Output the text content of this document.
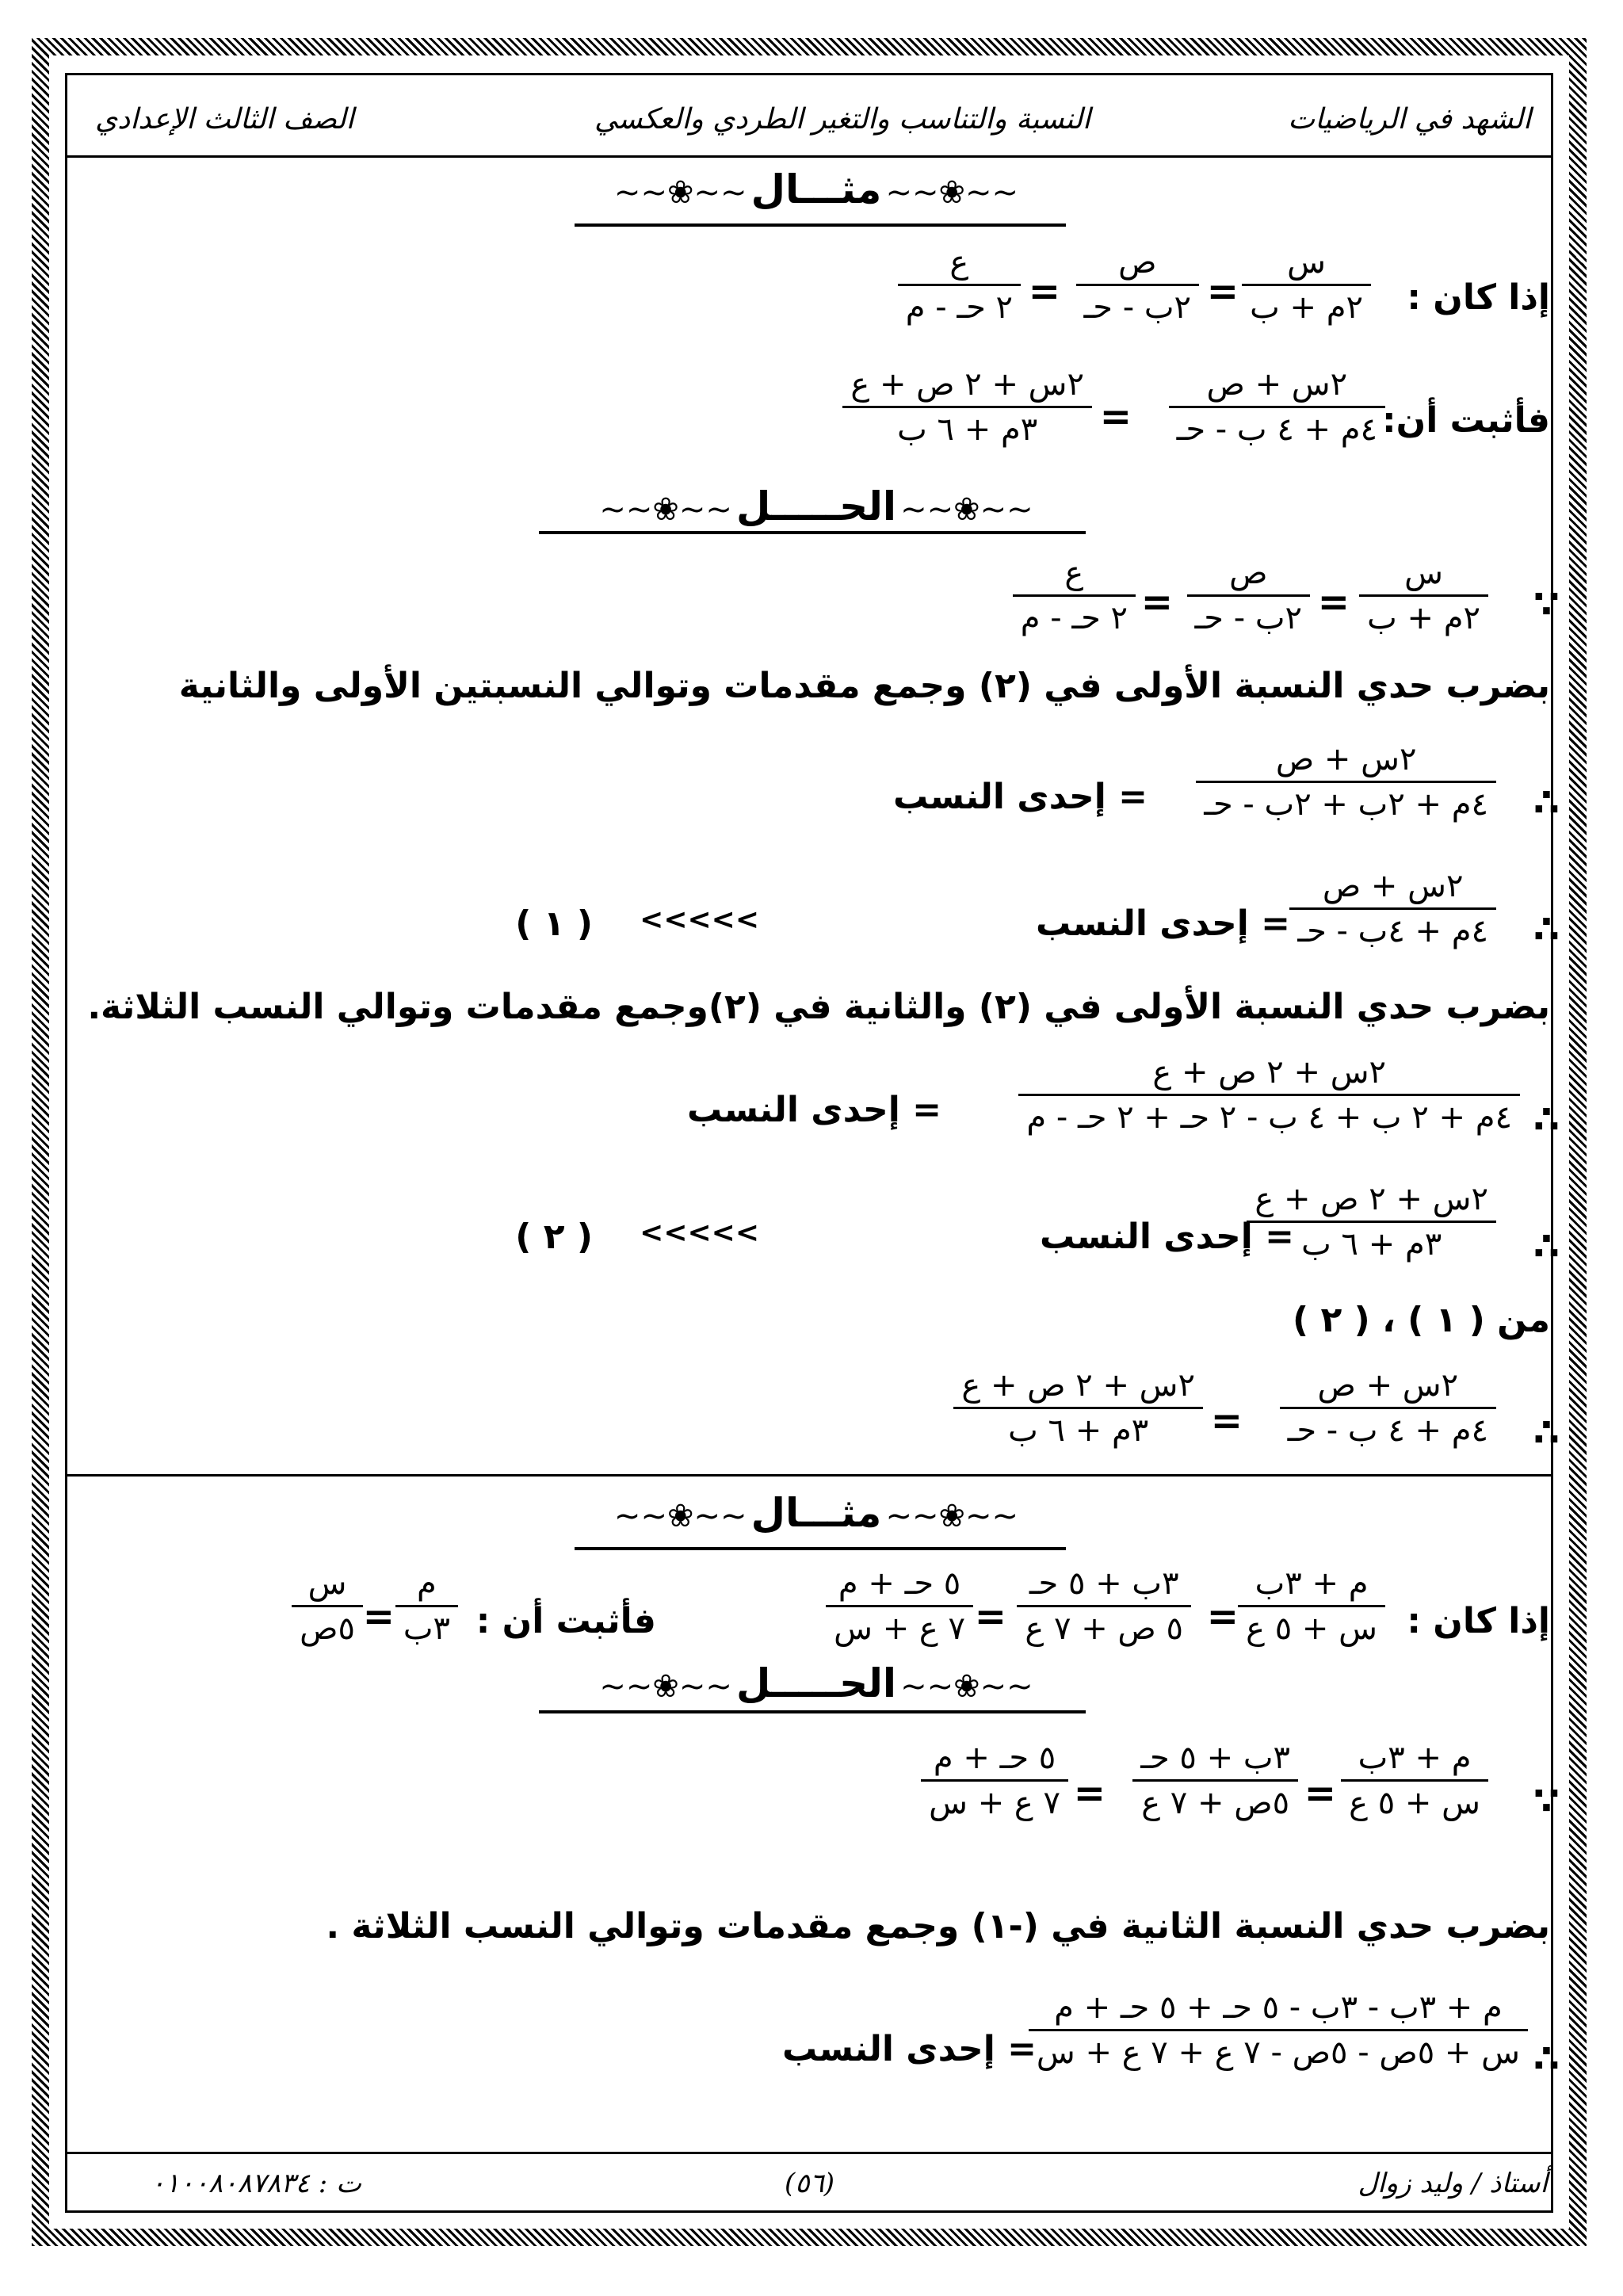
الشهد في الرياضيات
النسبة والتناسب والتغير الطردي والعكسي
الصف الثالث الإعدادي
~~❀~~ مثـــال ~~❀~~
إذا كان :
س
٢م + ب
=
ص
٢ب - حـ
=
ع
٢ حـ - م
فأثبت أن:
٢س + ص
٤م + ٤ ب - حـ
=
٢س + ٢ ص + ع
٣م + ٦ ب
~~❀~~ الحـــــل ~~❀~~
∵
س
٢م + ب
=
ص
٢ب - حـ
=
ع
٢ حـ - م
بضرب حدي النسبة الأولى في (٢) وجمع مقدمات وتوالي النسبتين الأولى والثانية
∴
٢س + ص
٤م + ٢ب + ٢ب - حـ
= إحدى النسب
∴
٢س + ص
٤م + ٤ب - حـ
= إحدى النسب
>>>>>
( ١ )
بضرب حدي النسبة الأولى في (٢) والثانية في (٢)وجمع مقدمات وتوالي النسب الثلاثة.
∴
٢س + ٢ ص + ع
٤م + ٢ ب + ٤ ب - ٢ حـ + ٢ حـ - م
= إحدى النسب
∴
٢س + ٢ ص + ع
٣م + ٦ ب
= إحدى النسب
>>>>>
( ٢ )
من ( ١ ) ، ( ٢ )
∴
٢س + ص
٤م + ٤ ب - حـ
=
٢س + ٢ ص + ع
٣م + ٦ ب
~~❀~~ مثـــال ~~❀~~
إذا كان :
م + ٣ب
س + ٥ ع
=
٣ب + ٥ حـ
٥ ص + ٧ ع
=
٥ حـ + م
٧ ع + س
فأثبت أن :
م
٣ب
=
س
٥ص
~~❀~~ الحـــــل ~~❀~~
∵
م + ٣ب
س + ٥ ع
=
٣ب + ٥ حـ
٥ص + ٧ ع
=
٥ حـ + م
٧ ع + س
بضرب حدي النسبة الثانية في (-١) وجمع مقدمات وتوالي النسب الثلاثة .
∴
م + ٣ب - ٣ب - ٥ حـ + ٥ حـ + م
س + ٥ص - ٥ص - ٧ ع + ٧ ع + س
= إحدى النسب
أستاذ / وليد زوال
(٥٦)
ت : ٠١٠٠٨٠٨٧٨٣٤
